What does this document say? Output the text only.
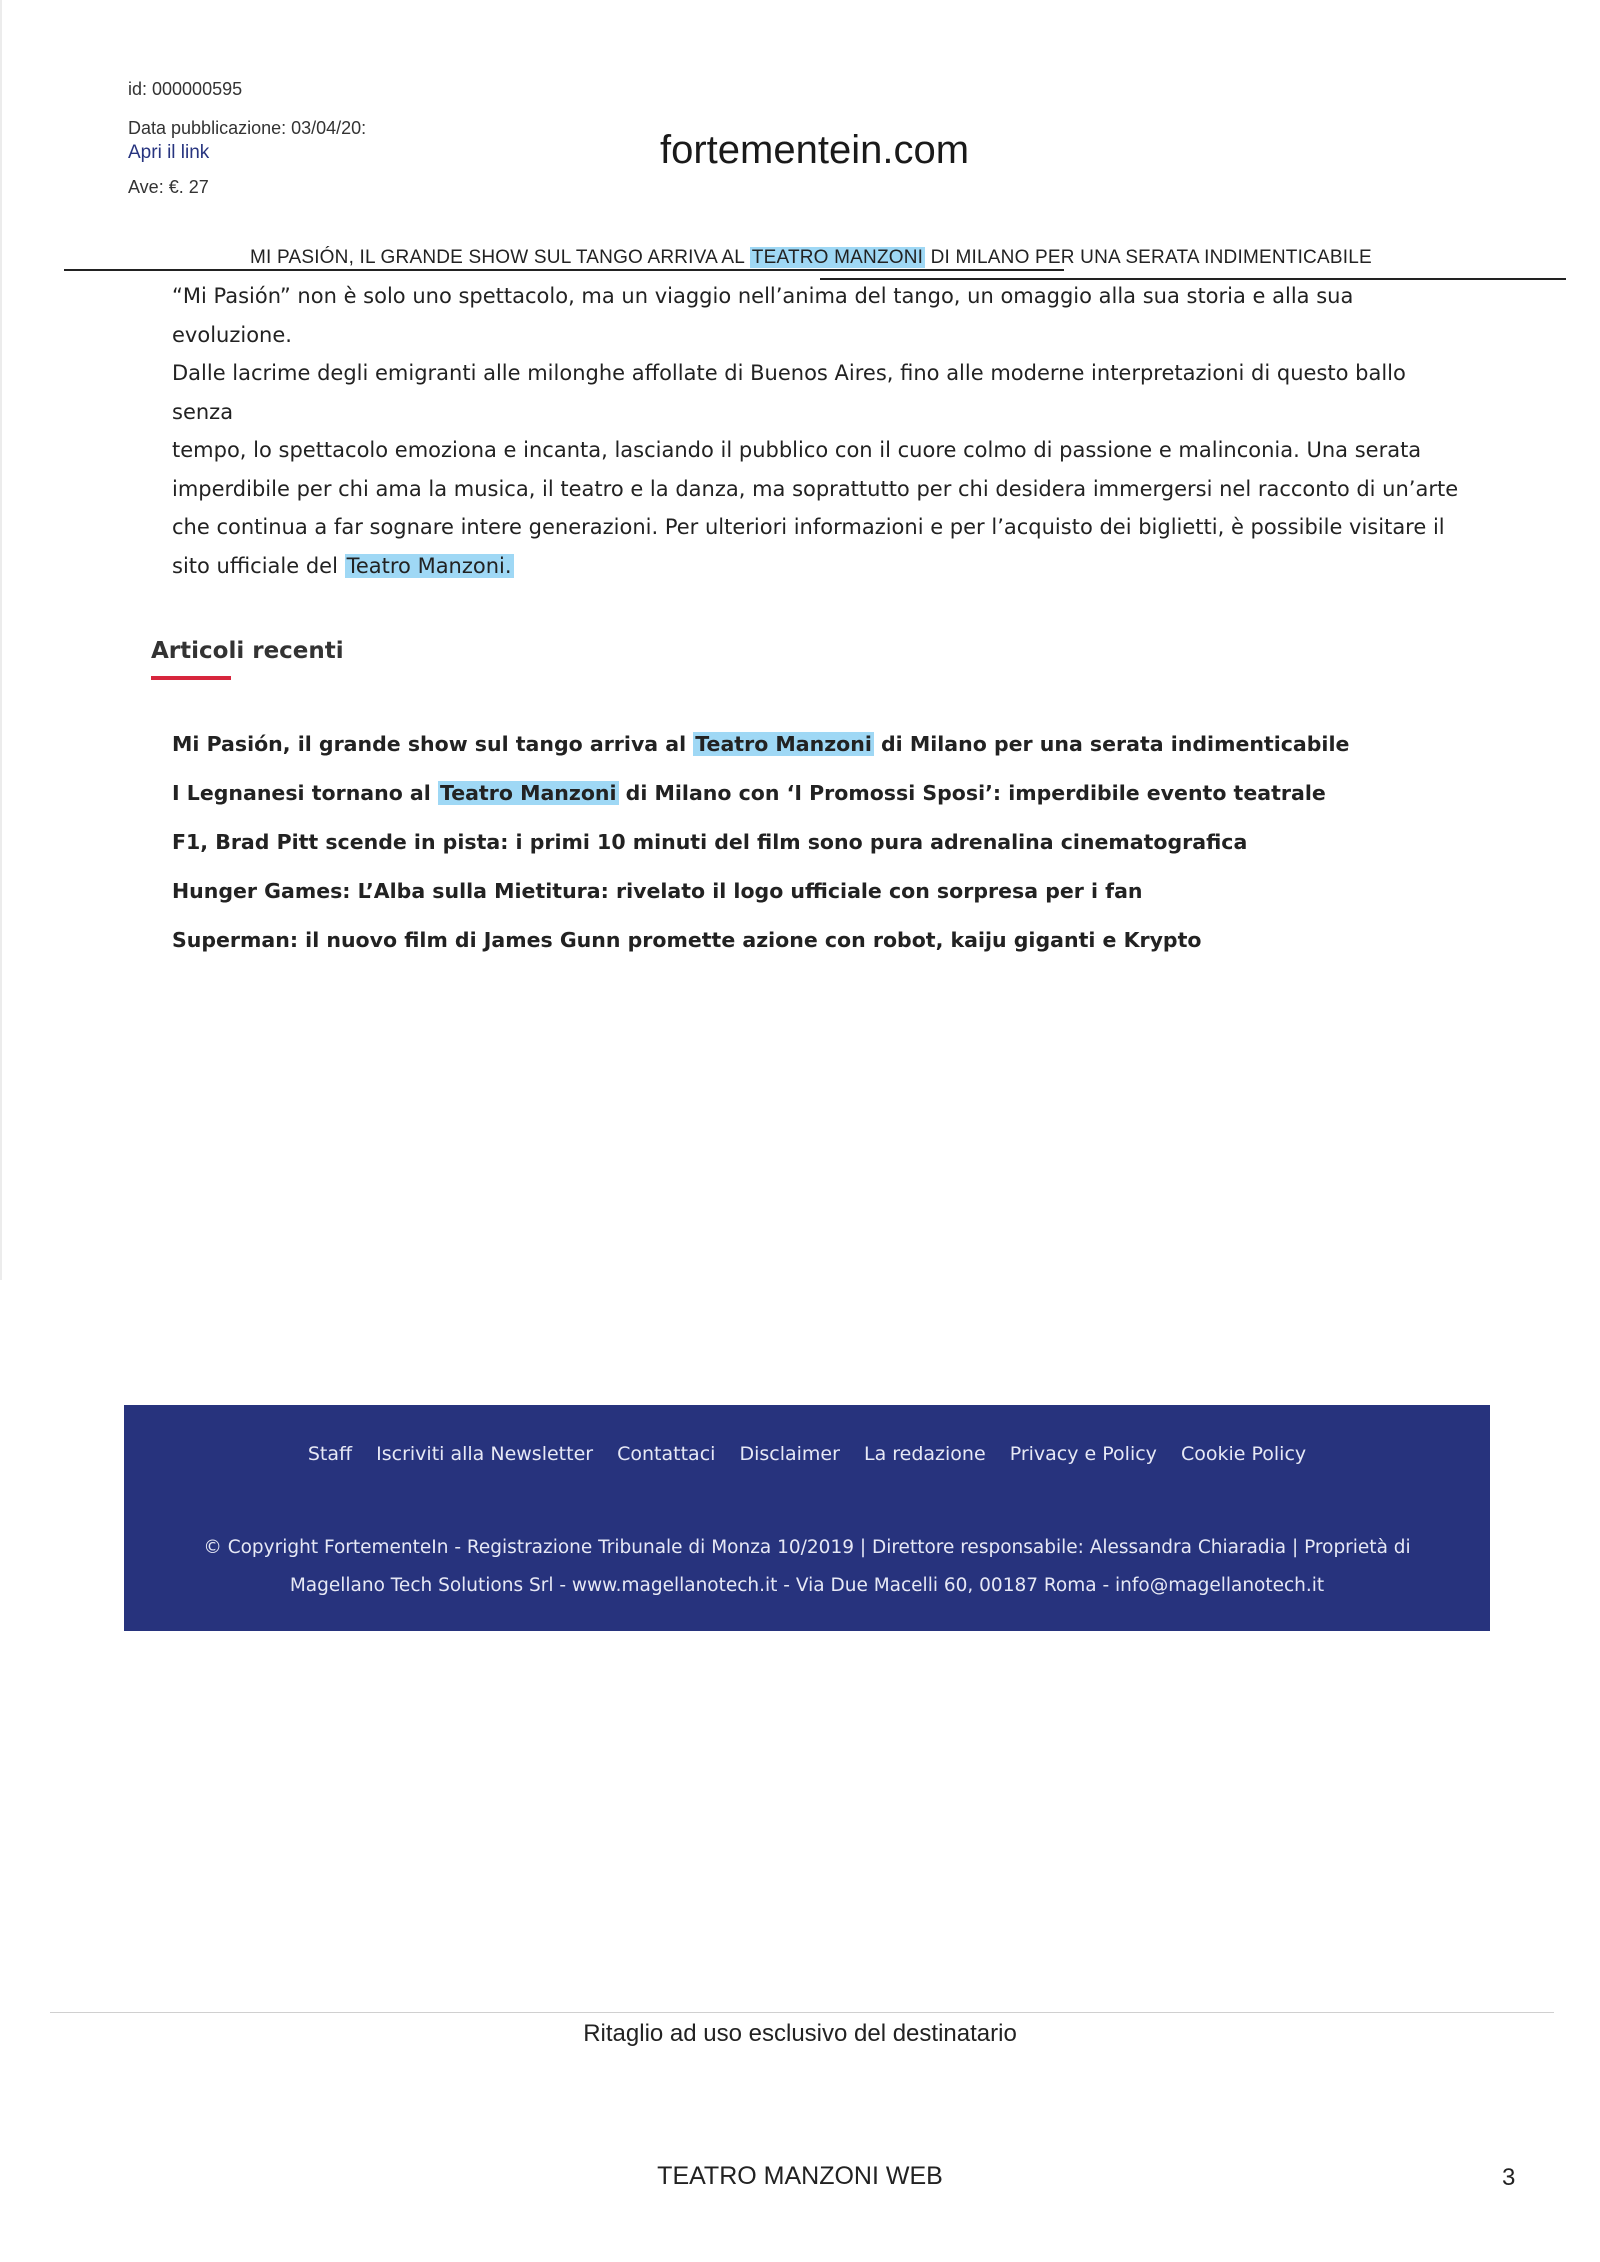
id: 000000595
Data pubblicazione: 03/04/20:
Apri il link
Ave: €. 27
fortementein.com
MI PASIÓN, IL GRANDE SHOW SUL TANGO ARRIVA AL TEATRO MANZONI DI MILANO PER UNA SERATA INDIMENTICABILE

“Mi Pasión” non è solo uno spettacolo, ma un viaggio nell’anima del tango, un omaggio alla sua storia e alla sua evoluzione.

Dalle lacrime degli emigranti alle milonghe affollate di Buenos Aires, fino alle moderne interpretazioni di questo ballo senza

tempo, lo spettacolo emoziona e incanta, lasciando il pubblico con il cuore colmo di passione e malinconia. Una serata

imperdibile per chi ama la musica, il teatro e la danza, ma soprattutto per chi desidera immergersi nel racconto di un’arte

che continua a far sognare intere generazioni. Per ulteriori informazioni e per l’acquisto dei biglietti, è possibile visitare il

sito ufficiale del Teatro Manzoni.

Articoli recenti
Mi Pasión, il grande show sul tango arriva al Teatro Manzoni di Milano per una serata indimenticabile
I Legnanesi tornano al Teatro Manzoni di Milano con ‘I Promossi Sposi’: imperdibile evento teatrale
F1, Brad Pitt scende in pista: i primi 10 minuti del film sono pura adrenalina cinematografica
Hunger Games: L’Alba sulla Mietitura: rivelato il logo ufficiale con sorpresa per i fan
Superman: il nuovo film di James Gunn promette azione con robot, kaiju giganti e Krypto
Staff Iscriviti alla Newsletter Contattaci Disclaimer La redazione Privacy e Policy Cookie Policy
© Copyright FortementeIn - Registrazione Tribunale di Monza 10/2019 | Direttore responsabile: Alessandra Chiaradia | Proprietà di
Magellano Tech Solutions Srl - www.magellanotech.it - Via Due Macelli 60, 00187 Roma - info@magellanotech.it
Ritaglio ad uso esclusivo del destinatario
TEATRO MANZONI WEB	3
